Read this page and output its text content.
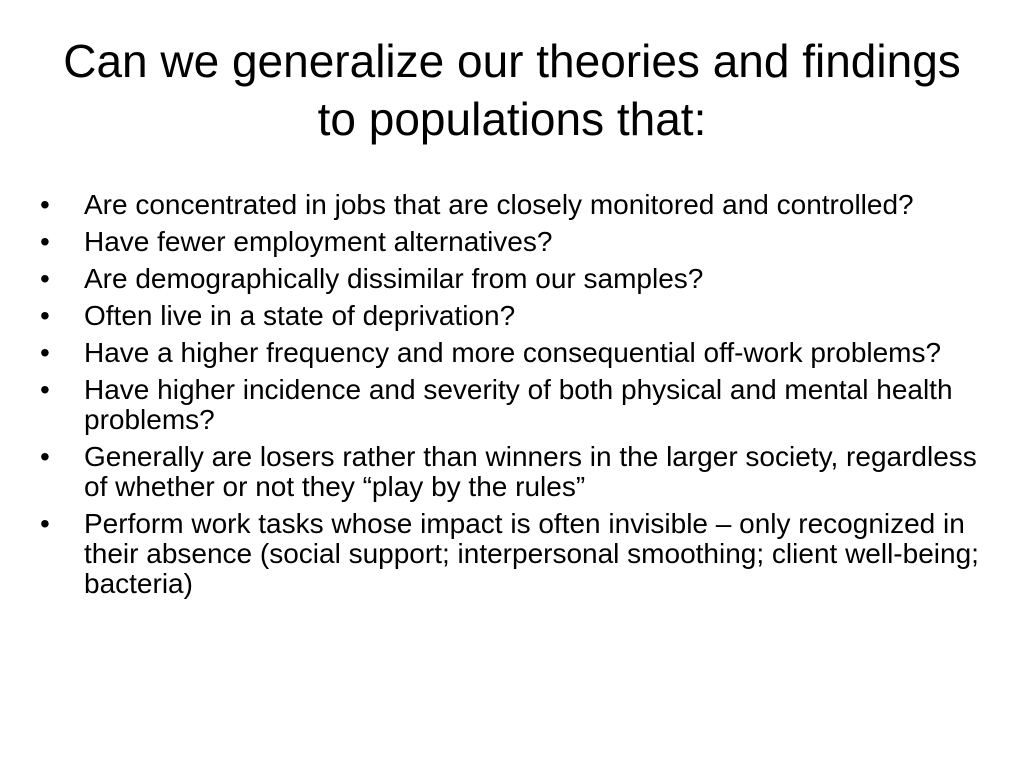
Can we generalize our theories and findings to populations that:
•	Are concentrated in jobs that are closely monitored and controlled?
•	Have fewer employment alternatives?
•	Are demographically dissimilar from our samples?
•	Often live in a state of deprivation?
•	Have a higher frequency and more consequential off-work problems?
•	Have higher incidence and severity of both physical and mental health problems?
•	Generally are losers rather than winners in the larger society, regardless of whether or not they “play by the rules”
•	Perform work tasks whose impact is often invisible – only recognized in their absence (social support; interpersonal smoothing; client well-being; bacteria)
